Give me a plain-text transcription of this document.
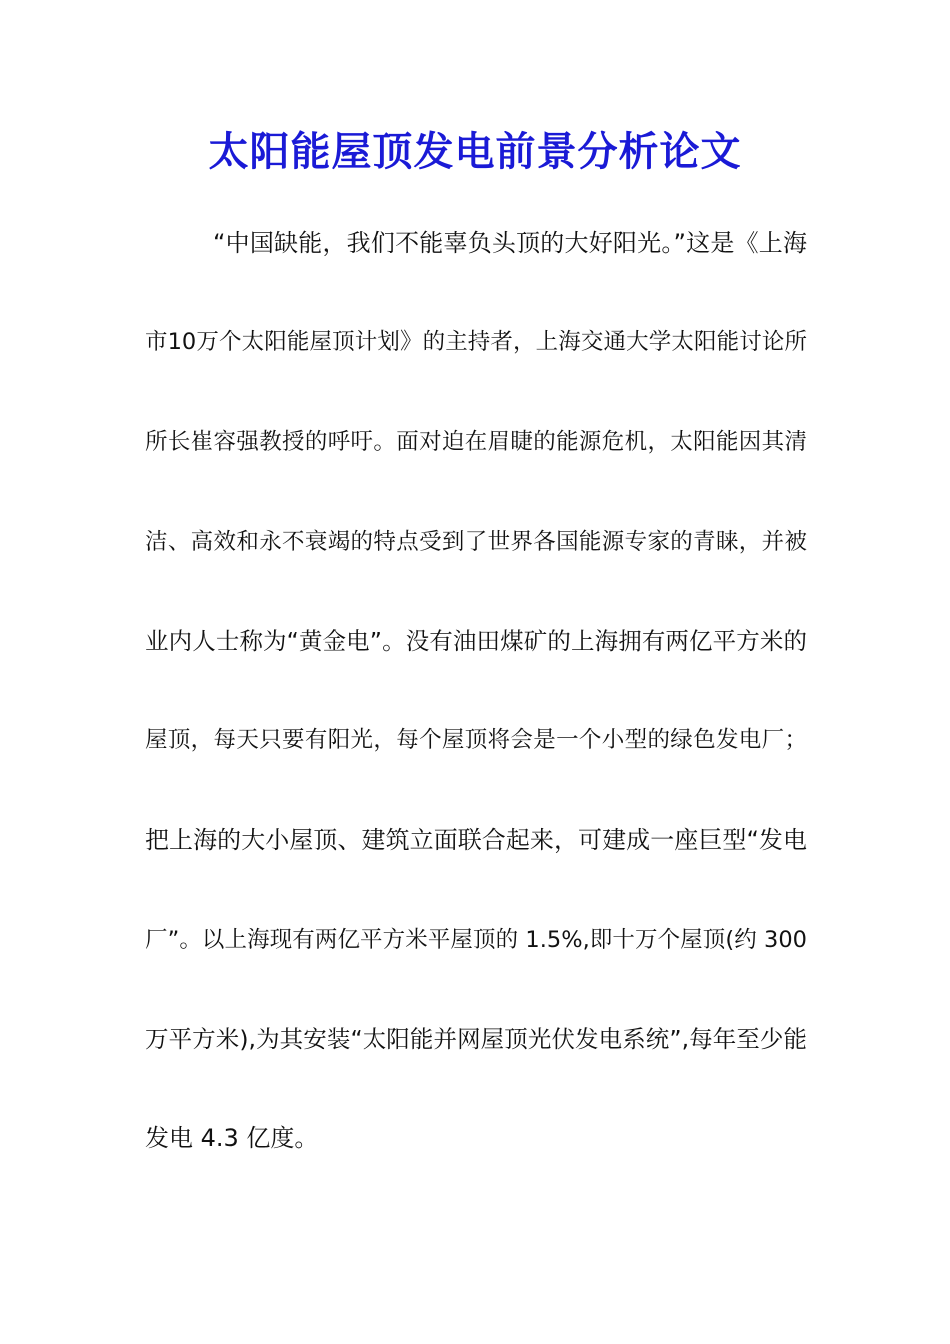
太阳能屋顶发电前景分析论文
“中国缺能，我们不能辜负头顶的大好阳光。”这是《上海
市10万个太阳能屋顶计划》的主持者，上海交通大学太阳能讨论所
所长崔容强教授的呼吁。面对迫在眉睫的能源危机，太阳能因其清
洁、高效和永不衰竭的特点受到了世界各国能源专家的青睐，并被
业内人士称为“黄金电”。没有油田煤矿的上海拥有两亿平方米的
屋顶，每天只要有阳光，每个屋顶将会是一个小型的绿色发电厂；
把上海的大小屋顶、建筑立面联合起来，可建成一座巨型“发电
厂”。以上海现有两亿平方米平屋顶的 1.5%,即十万个屋顶(约 300
万平方米),为其安装“太阳能并网屋顶光伏发电系统”,每年至少能
发电 4.3 亿度。
